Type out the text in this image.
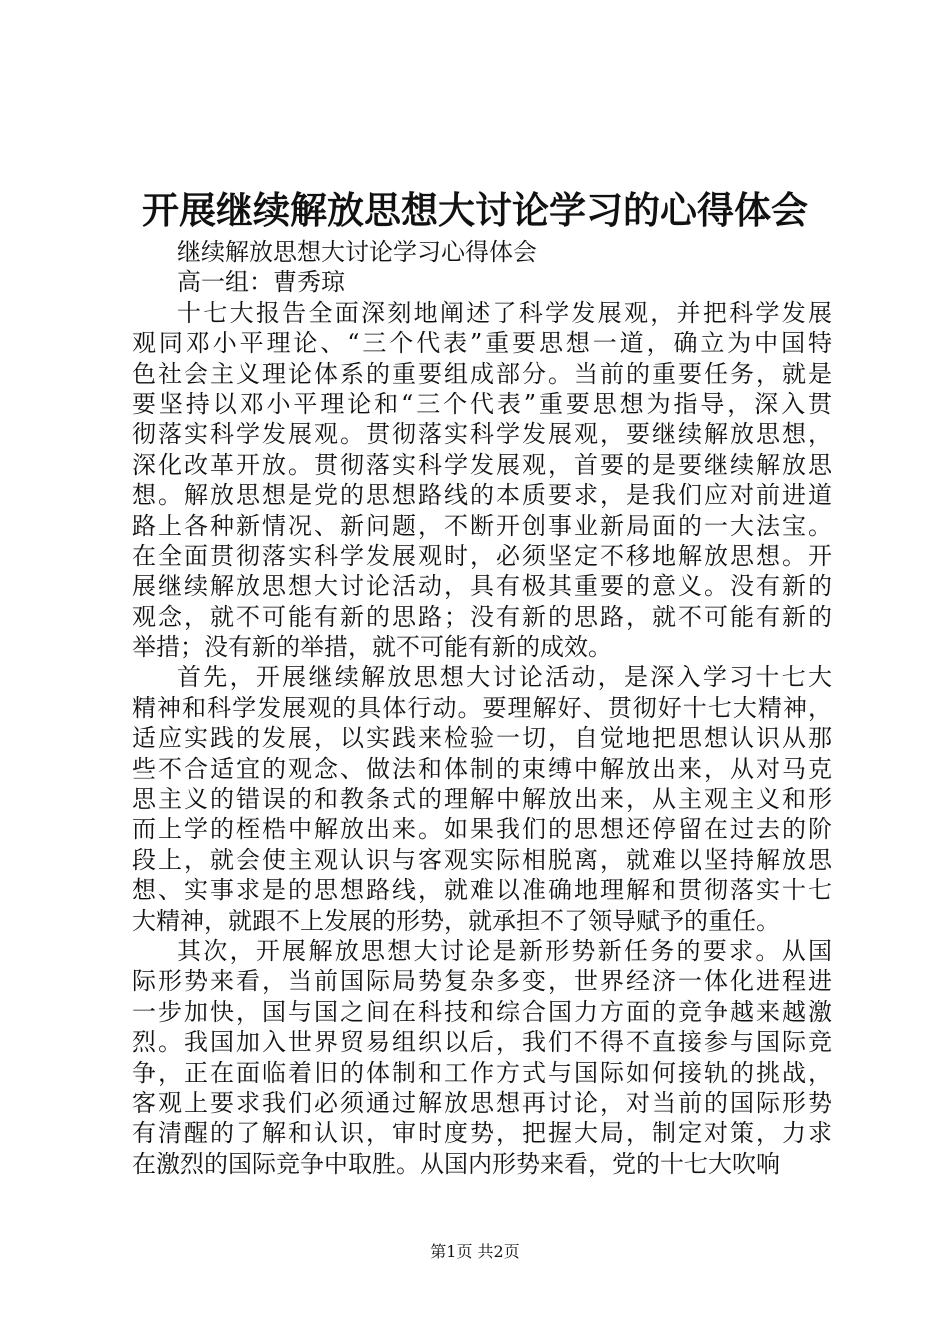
开展继续解放思想大讨论学习的心得体会
继续解放思想大讨论学习心得体会
高一组：曹秀琼
十七大报告全面深刻地阐述了科学发展观，并把科学发展
观同邓小平理论、“三个代表”重要思想一道，确立为中国特
色社会主义理论体系的重要组成部分。当前的重要任务，就是
要坚持以邓小平理论和“三个代表”重要思想为指导，深入贯
彻落实科学发展观。贯彻落实科学发展观，要继续解放思想，
深化改革开放。贯彻落实科学发展观，首要的是要继续解放思
想。解放思想是党的思想路线的本质要求，是我们应对前进道
路上各种新情况、新问题，不断开创事业新局面的一大法宝。
在全面贯彻落实科学发展观时，必须坚定不移地解放思想。开
展继续解放思想大讨论活动，具有极其重要的意义。没有新的
观念，就不可能有新的思路；没有新的思路，就不可能有新的
举措；没有新的举措，就不可能有新的成效。
首先，开展继续解放思想大讨论活动，是深入学习十七大
精神和科学发展观的具体行动。要理解好、贯彻好十七大精神，
适应实践的发展，以实践来检验一切，自觉地把思想认识从那
些不合适宜的观念、做法和体制的束缚中解放出来，从对马克
思主义的错误的和教条式的理解中解放出来，从主观主义和形
而上学的桎梏中解放出来。如果我们的思想还停留在过去的阶
段上，就会使主观认识与客观实际相脱离，就难以坚持解放思
想、实事求是的思想路线，就难以准确地理解和贯彻落实十七
大精神，就跟不上发展的形势，就承担不了领导赋予的重任。
其次，开展解放思想大讨论是新形势新任务的要求。从国
际形势来看，当前国际局势复杂多变，世界经济一体化进程进
一步加快，国与国之间在科技和综合国力方面的竞争越来越激
烈。我国加入世界贸易组织以后，我们不得不直接参与国际竞
争，正在面临着旧的体制和工作方式与国际如何接轨的挑战，
客观上要求我们必须通过解放思想再讨论，对当前的国际形势
有清醒的了解和认识，审时度势，把握大局，制定对策，力求
在激烈的国际竞争中取胜。从国内形势来看，党的十七大吹响
第1页 共2页
